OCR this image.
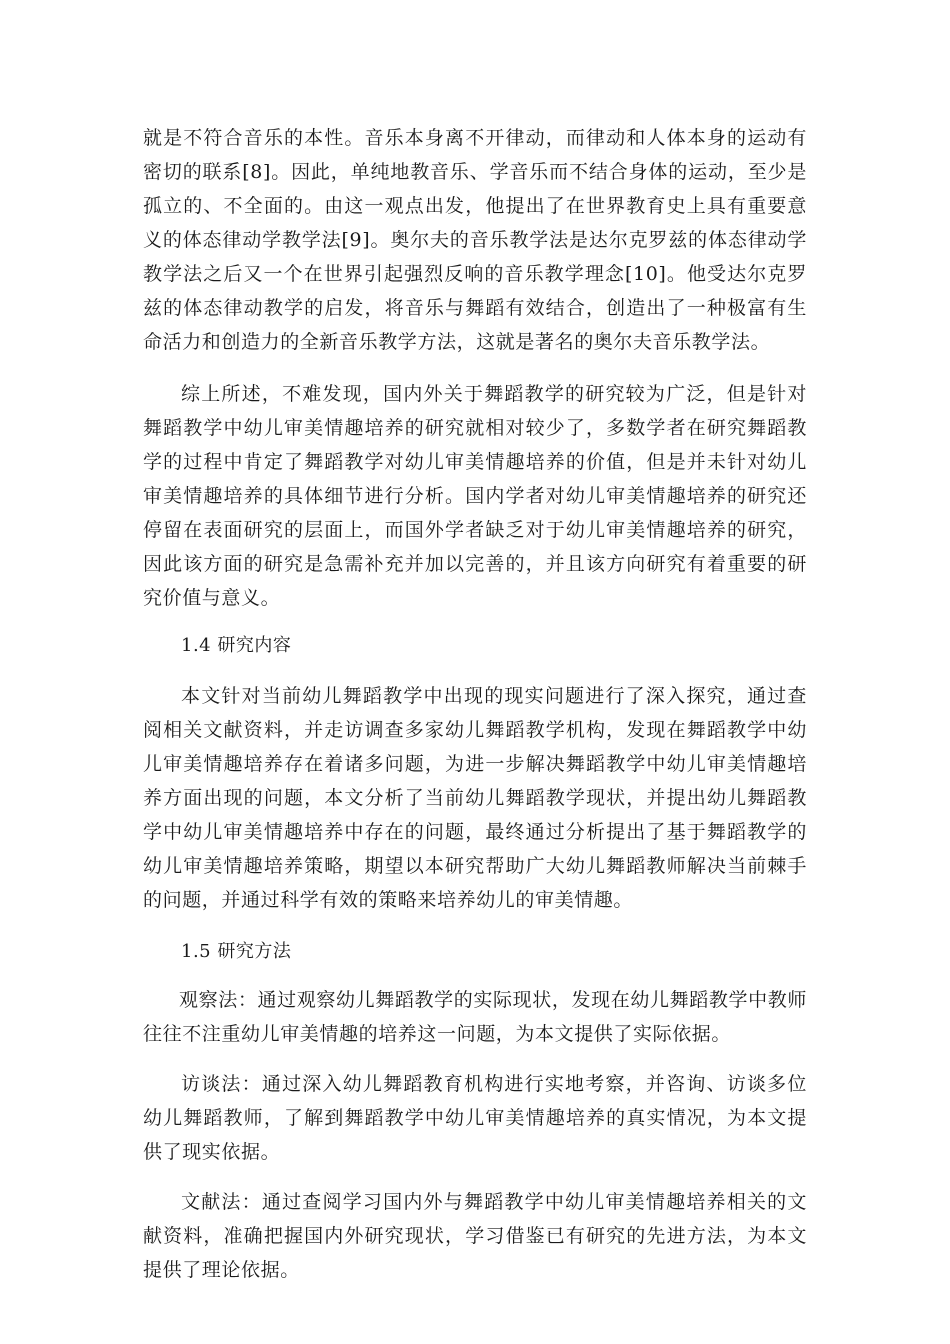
就是不符合音乐的本性。音乐本身离不开律动，而律动和人体本身的运动有密切的联系[8]。因此，单纯地教音乐、学音乐而不结合身体的运动，至少是孤立的、不全面的。由这一观点出发，他提出了在世界教育史上具有重要意义的体态律动学教学法[9]。奥尔夫的音乐教学法是达尔克罗兹的体态律动学教学法之后又一个在世界引起强烈反响的音乐教学理念[10]。他受达尔克罗兹的体态律动教学的启发，将音乐与舞蹈有效结合，创造出了一种极富有生命活力和创造力的全新音乐教学方法，这就是著名的奥尔夫音乐教学法。

综上所述，不难发现，国内外关于舞蹈教学的研究较为广泛，但是针对舞蹈教学中幼儿审美情趣培养的研究就相对较少了，多数学者在研究舞蹈教学的过程中肯定了舞蹈教学对幼儿审美情趣培养的价值，但是并未针对幼儿审美情趣培养的具体细节进行分析。国内学者对幼儿审美情趣培养的研究还停留在表面研究的层面上，而国外学者缺乏对于幼儿审美情趣培养的研究，因此该方面的研究是急需补充并加以完善的，并且该方向研究有着重要的研究价值与意义。

1.4 研究内容

本文针对当前幼儿舞蹈教学中出现的现实问题进行了深入探究，通过查阅相关文献资料，并走访调查多家幼儿舞蹈教学机构，发现在舞蹈教学中幼儿审美情趣培养存在着诸多问题，为进一步解决舞蹈教学中幼儿审美情趣培养方面出现的问题，本文分析了当前幼儿舞蹈教学现状，并提出幼儿舞蹈教学中幼儿审美情趣培养中存在的问题，最终通过分析提出了基于舞蹈教学的幼儿审美情趣培养策略，期望以本研究帮助广大幼儿舞蹈教师解决当前棘手的问题，并通过科学有效的策略来培养幼儿的审美情趣。

1.5 研究方法

观察法：通过观察幼儿舞蹈教学的实际现状，发现在幼儿舞蹈教学中教师往往不注重幼儿审美情趣的培养这一问题，为本文提供了实际依据。

访谈法：通过深入幼儿舞蹈教育机构进行实地考察，并咨询、访谈多位幼儿舞蹈教师，了解到舞蹈教学中幼儿审美情趣培养的真实情况，为本文提供了现实依据。

文献法：通过查阅学习国内外与舞蹈教学中幼儿审美情趣培养相关的文献资料，准确把握国内外研究现状，学习借鉴已有研究的先进方法，为本文提供了理论依据。
